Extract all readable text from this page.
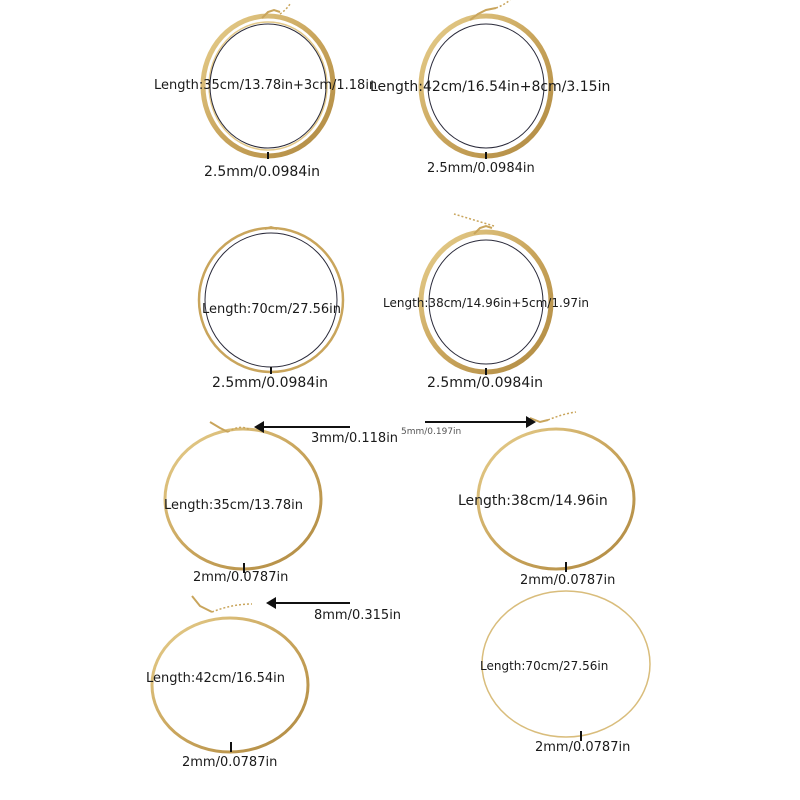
Length:35cm/13.78in+3cm/1.18in
2.5mm/0.0984in
Length:42cm/16.54in+8cm/3.15in
2.5mm/0.0984in
Length:70cm/27.56in
2.5mm/0.0984in
Length:38cm/14.96in+5cm/1.97in
2.5mm/0.0984in
Length:35cm/13.78in
2mm/0.0787in
3mm/0.118in
Length:38cm/14.96in
2mm/0.0787in
5mm/0.197in
Length:42cm/16.54in
2mm/0.0787in
8mm/0.315in
Length:70cm/27.56in
2mm/0.0787in
